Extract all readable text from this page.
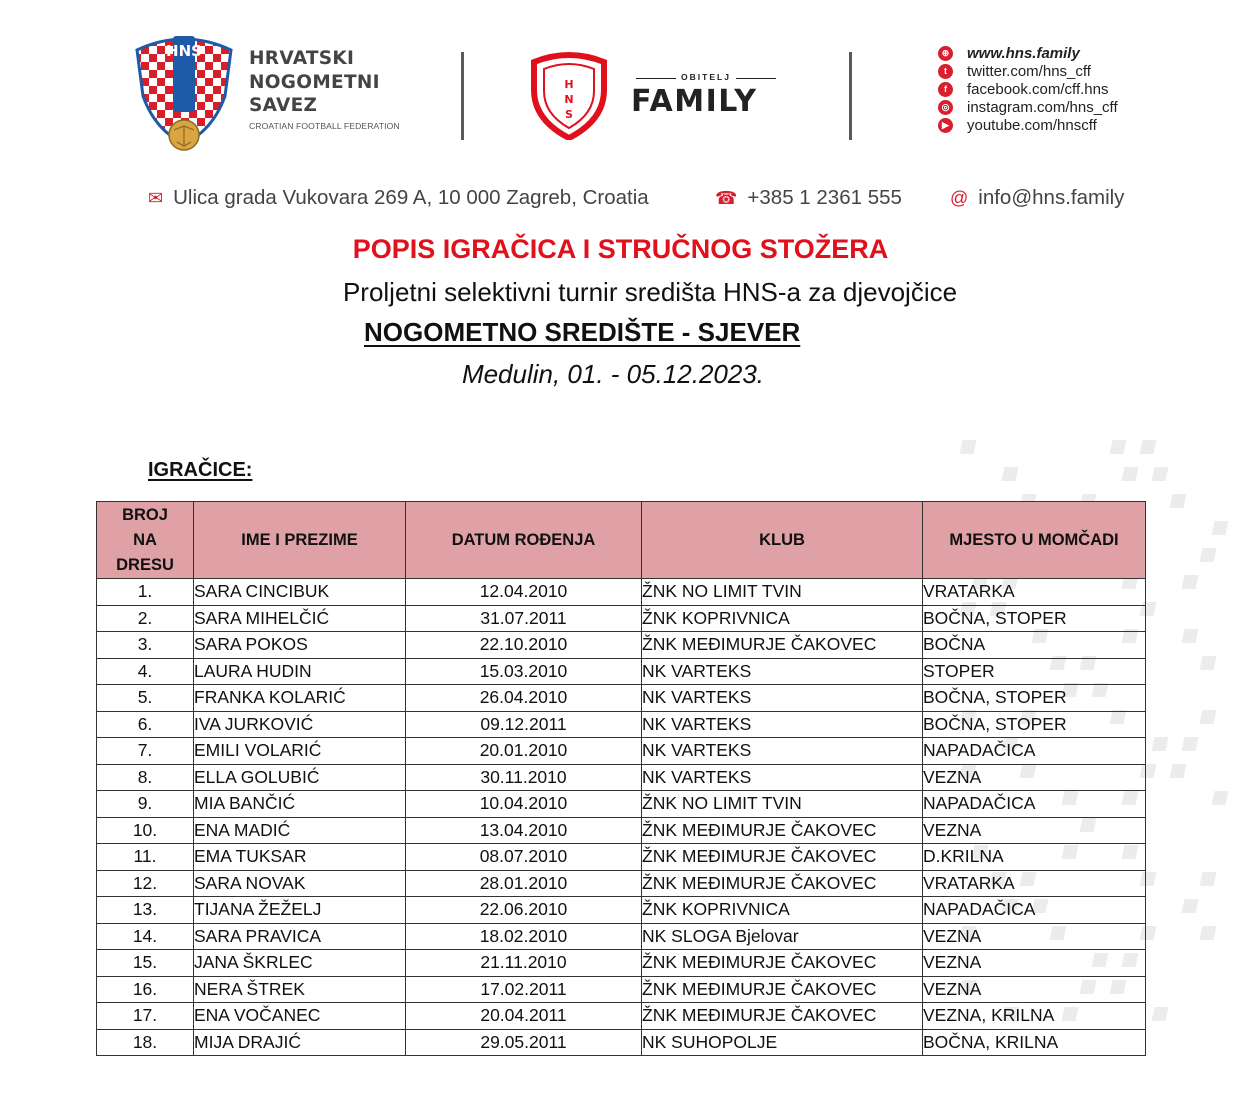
HNS	HRVATSKI
NOGOMETNI
SAVEZ
CROATIAN FOOTBALL FEDERATION
H
N
S
OBITELJ
FAMILY
⊕ www.hns.family
t	twitter.com/hns_cff
f	facebook.com/cff.hns
◎ instagram.com/hns_cff
▶ youtube.com/hnscff
✉ Ulica grada Vukovara 269 A, 10 000 Zagreb, Croatia	☎ +385 1 2361 555	@ info@hns.family
POPIS IGRAČICA I STRUČNOG STOŽERA
Proljetni selektivni turnir središta HNS-a za djevojčice
NOGOMETNO SREDIŠTE - SJEVER
Medulin, 01. - 05.12.2023.
IGRAČICE:
BROJ NA DRESU	IME I PREZIME	DATUM ROĐENJA	KLUB	MJESTO U MOMČADI
1.	SARA CINCIBUK	12.04.2010	ŽNK NO LIMIT TVIN	VRATARKA
2.	SARA MIHELČIĆ	31.07.2011	ŽNK KOPRIVNICA	BOČNA, STOPER
3.	SARA POKOS	22.10.2010	ŽNK MEĐIMURJE ČAKOVEC	BOČNA
4.	LAURA HUDIN	15.03.2010	NK VARTEKS	STOPER
5.	FRANKA KOLARIĆ	26.04.2010	NK VARTEKS	BOČNA, STOPER
6.	IVA JURKOVIĆ	09.12.2011	NK VARTEKS	BOČNA, STOPER
7.	EMILI VOLARIĆ	20.01.2010	NK VARTEKS	NAPADAČICA
8.	ELLA GOLUBIĆ	30.11.2010	NK VARTEKS	VEZNA
9.	MIA BANČIĆ	10.04.2010	ŽNK NO LIMIT TVIN	NAPADAČICA
10.	ENA MADIĆ	13.04.2010	ŽNK MEĐIMURJE ČAKOVEC	VEZNA
11.	EMA TUKSAR	08.07.2010	ŽNK MEĐIMURJE ČAKOVEC	D.KRILNA
12.	SARA NOVAK	28.01.2010	ŽNK MEĐIMURJE ČAKOVEC	VRATARKA
13.	TIJANA ŽEŽELJ	22.06.2010	ŽNK KOPRIVNICA	NAPADAČICA
14.	SARA PRAVICA	18.02.2010	NK SLOGA Bjelovar	VEZNA
15.	JANA ŠKRLEC	21.11.2010	ŽNK MEĐIMURJE ČAKOVEC	VEZNA
16.	NERA ŠTREK	17.02.2011	ŽNK MEĐIMURJE ČAKOVEC	VEZNA
17.	ENA VOČANEC	20.04.2011	ŽNK MEĐIMURJE ČAKOVEC	VEZNA, KRILNA
18.	MIJA DRAJIĆ	29.05.2011	NK SUHOPOLJE	BOČNA, KRILNA
